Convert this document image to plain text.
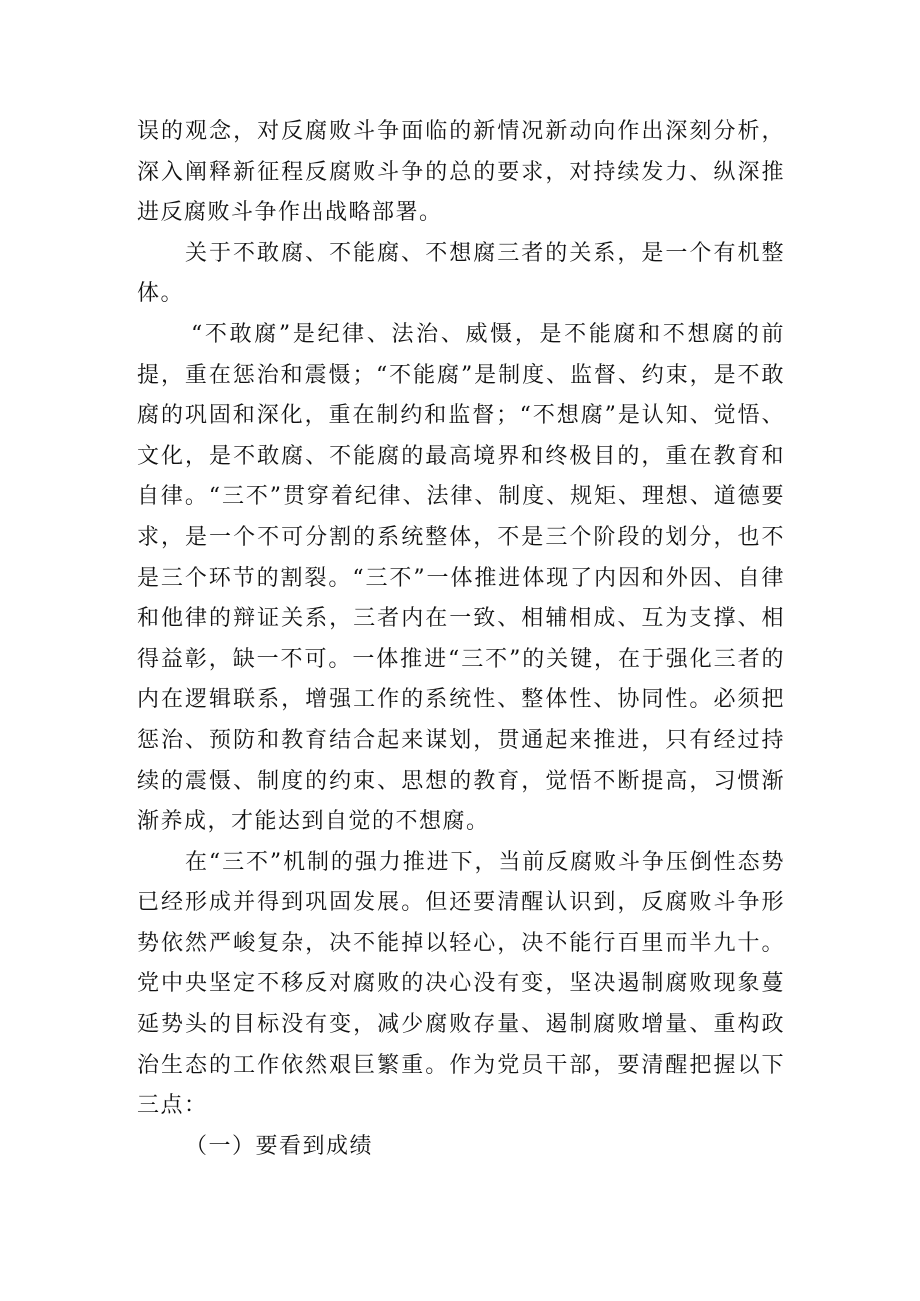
误的观念，对反腐败斗争面临的新情况新动向作出深刻分析，深入阐释新征程反腐败斗争的总的要求，对持续发力、纵深推进反腐败斗争作出战略部署。

关于不敢腐、不能腐、不想腐三者的关系，是一个有机整体。

“不敢腐”是纪律、法治、威慑，是不能腐和不想腐的前提，重在惩治和震慑；“不能腐”是制度、监督、约束，是不敢腐的巩固和深化，重在制约和监督；“不想腐”是认知、觉悟、文化，是不敢腐、不能腐的最高境界和终极目的，重在教育和自律。“三不”贯穿着纪律、法律、制度、规矩、理想、道德要求，是一个不可分割的系统整体，不是三个阶段的划分，也不是三个环节的割裂。“三不”一体推进体现了内因和外因、自律和他律的辩证关系，三者内在一致、相辅相成、互为支撑、相得益彰，缺一不可。一体推进“三不”的关键，在于强化三者的内在逻辑联系，增强工作的系统性、整体性、协同性。必须把惩治、预防和教育结合起来谋划，贯通起来推进，只有经过持续的震慑、制度的约束、思想的教育，觉悟不断提高，习惯渐渐养成，才能达到自觉的不想腐。

在“三不”机制的强力推进下，当前反腐败斗争压倒性态势已经形成并得到巩固发展。但还要清醒认识到，反腐败斗争形势依然严峻复杂，决不能掉以轻心，决不能行百里而半九十。党中央坚定不移反对腐败的决心没有变，坚决遏制腐败现象蔓延势头的目标没有变，减少腐败存量、遏制腐败增量、重构政治生态的工作依然艰巨繁重。作为党员干部，要清醒把握以下三点：

（一）要看到成绩
